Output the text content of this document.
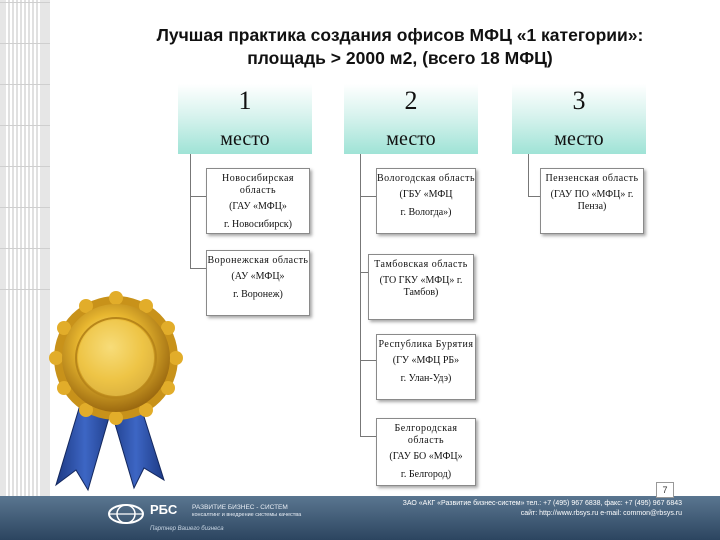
Лучшая практика создания офисов МФЦ «1 категории»:
площадь > 2000 м2, (всего 18 МФЦ)
1
место
2
место
3
место
Новосибирская область
(ГАУ «МФЦ»
г. Новосибирск)
Воронежская область
(АУ «МФЦ»
г. Воронеж)
Вологодская область
(ГБУ «МФЦ
г. Вологда»)
Тамбовская область
(ТО ГКУ «МФЦ» г. Тамбов)
Республика Бурятия
(ГУ «МФЦ РБ»
г. Улан-Удэ)
Белгородская область
(ГАУ БО «МФЦ»
г. Белгород)
Пензенская область
(ГАУ ПО «МФЦ» г. Пенза)
7
РБС РАЗВИТИЕ БИЗНЕС - СИСТЕМ
консалтинг и внедрение системы качества
Партнер Вашего бизнеса
ЗАО «АКГ «Развитие бизнес-систем» тел.: +7 (495) 967 6838, факс: +7 (495) 967 6843
сайт: http://www.rbsys.ru e-mail: common@rbsys.ru
